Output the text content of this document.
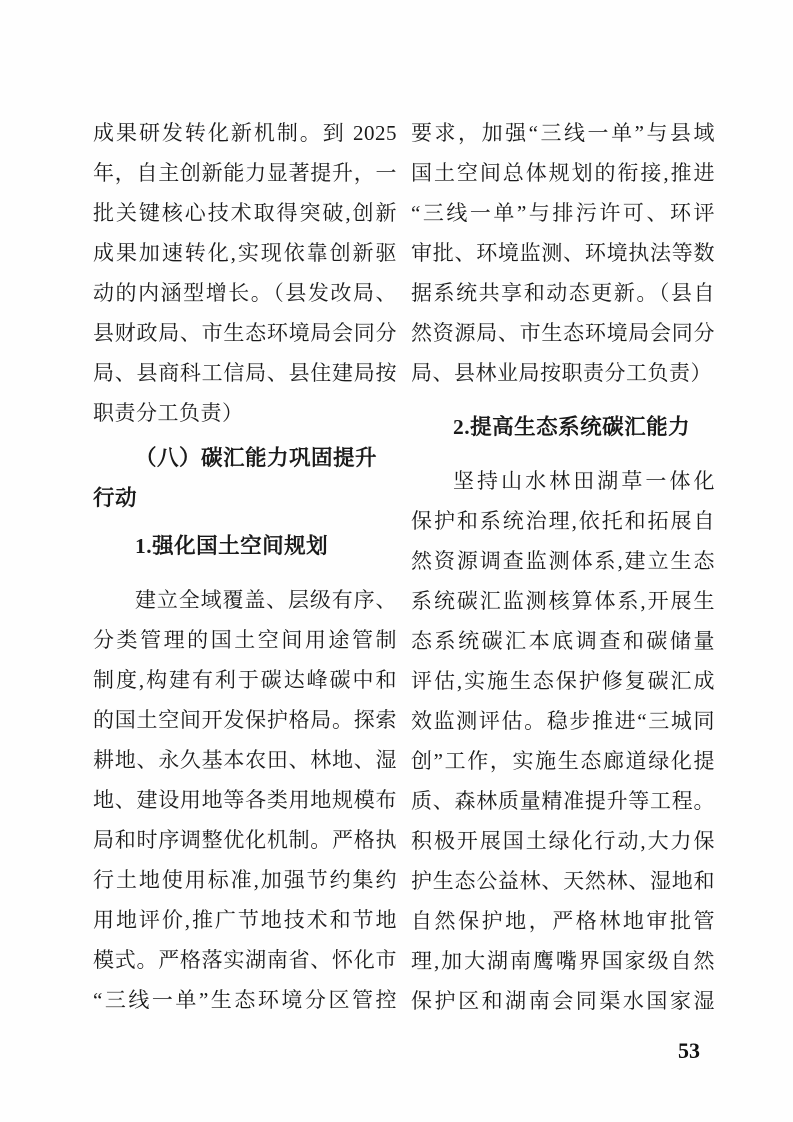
成果研发转化新机制。到 2025
年，自主创新能力显著提升，一
批关键核心技术取得突破,创新
成果加速转化,实现依靠创新驱
动的内涵型增长。（县发改局、
县财政局、市生态环境局会同分
局、县商科工信局、县住建局按
职责分工负责）
（八）碳汇能力巩固提升
行动
1.强化国土空间规划
建立全域覆盖、层级有序、
分类管理的国土空间用途管制
制度,构建有利于碳达峰碳中和
的国土空间开发保护格局。探索
耕地、永久基本农田、林地、湿
地、建设用地等各类用地规模布
局和时序调整优化机制。严格执
行土地使用标准,加强节约集约
用地评价,推广节地技术和节地
模式。严格落实湖南省、怀化市
“三线一单”生态环境分区管控
要求，加强“三线一单”与县域
国土空间总体规划的衔接,推进
“三线一单”与排污许可、环评
审批、环境监测、环境执法等数
据系统共享和动态更新。（县自
然资源局、市生态环境局会同分
局、县林业局按职责分工负责）
2.提高生态系统碳汇能力
坚持山水林田湖草一体化
保护和系统治理,依托和拓展自
然资源调查监测体系,建立生态
系统碳汇监测核算体系,开展生
态系统碳汇本底调查和碳储量
评估,实施生态保护修复碳汇成
效监测评估。稳步推进“三城同
创”工作，实施生态廊道绿化提
质、森林质量精准提升等工程。
积极开展国土绿化行动,大力保
护生态公益林、天然林、湿地和
自然保护地，严格林地审批管
理,加大湖南鹰嘴界国家级自然
保护区和湖南会同渠水国家湿
53
